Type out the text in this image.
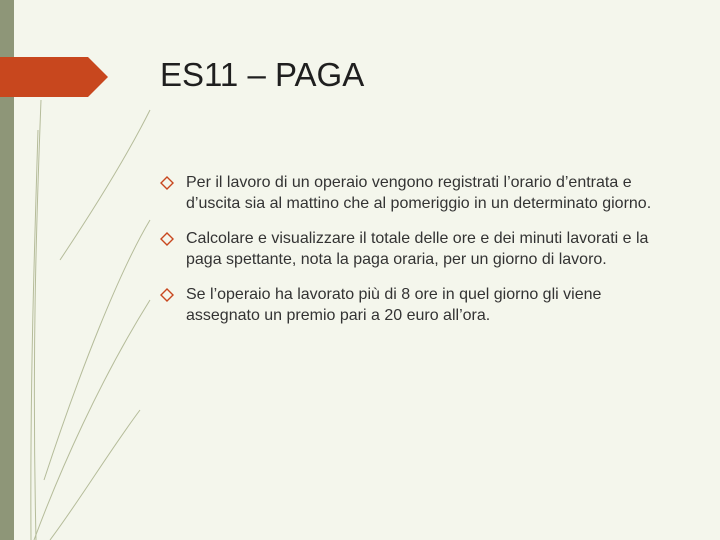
ES11 – PAGA
Per il lavoro di un operaio vengono registrati l’orario d’entrata e d’uscita sia al mattino che al pomeriggio in un determinato giorno.
Calcolare e visualizzare il totale delle ore e dei minuti lavorati e la paga spettante, nota la paga oraria, per un giorno di lavoro.
Se l’operaio ha lavorato più di 8 ore in quel giorno gli viene assegnato un premio pari a 20 euro all’ora.
